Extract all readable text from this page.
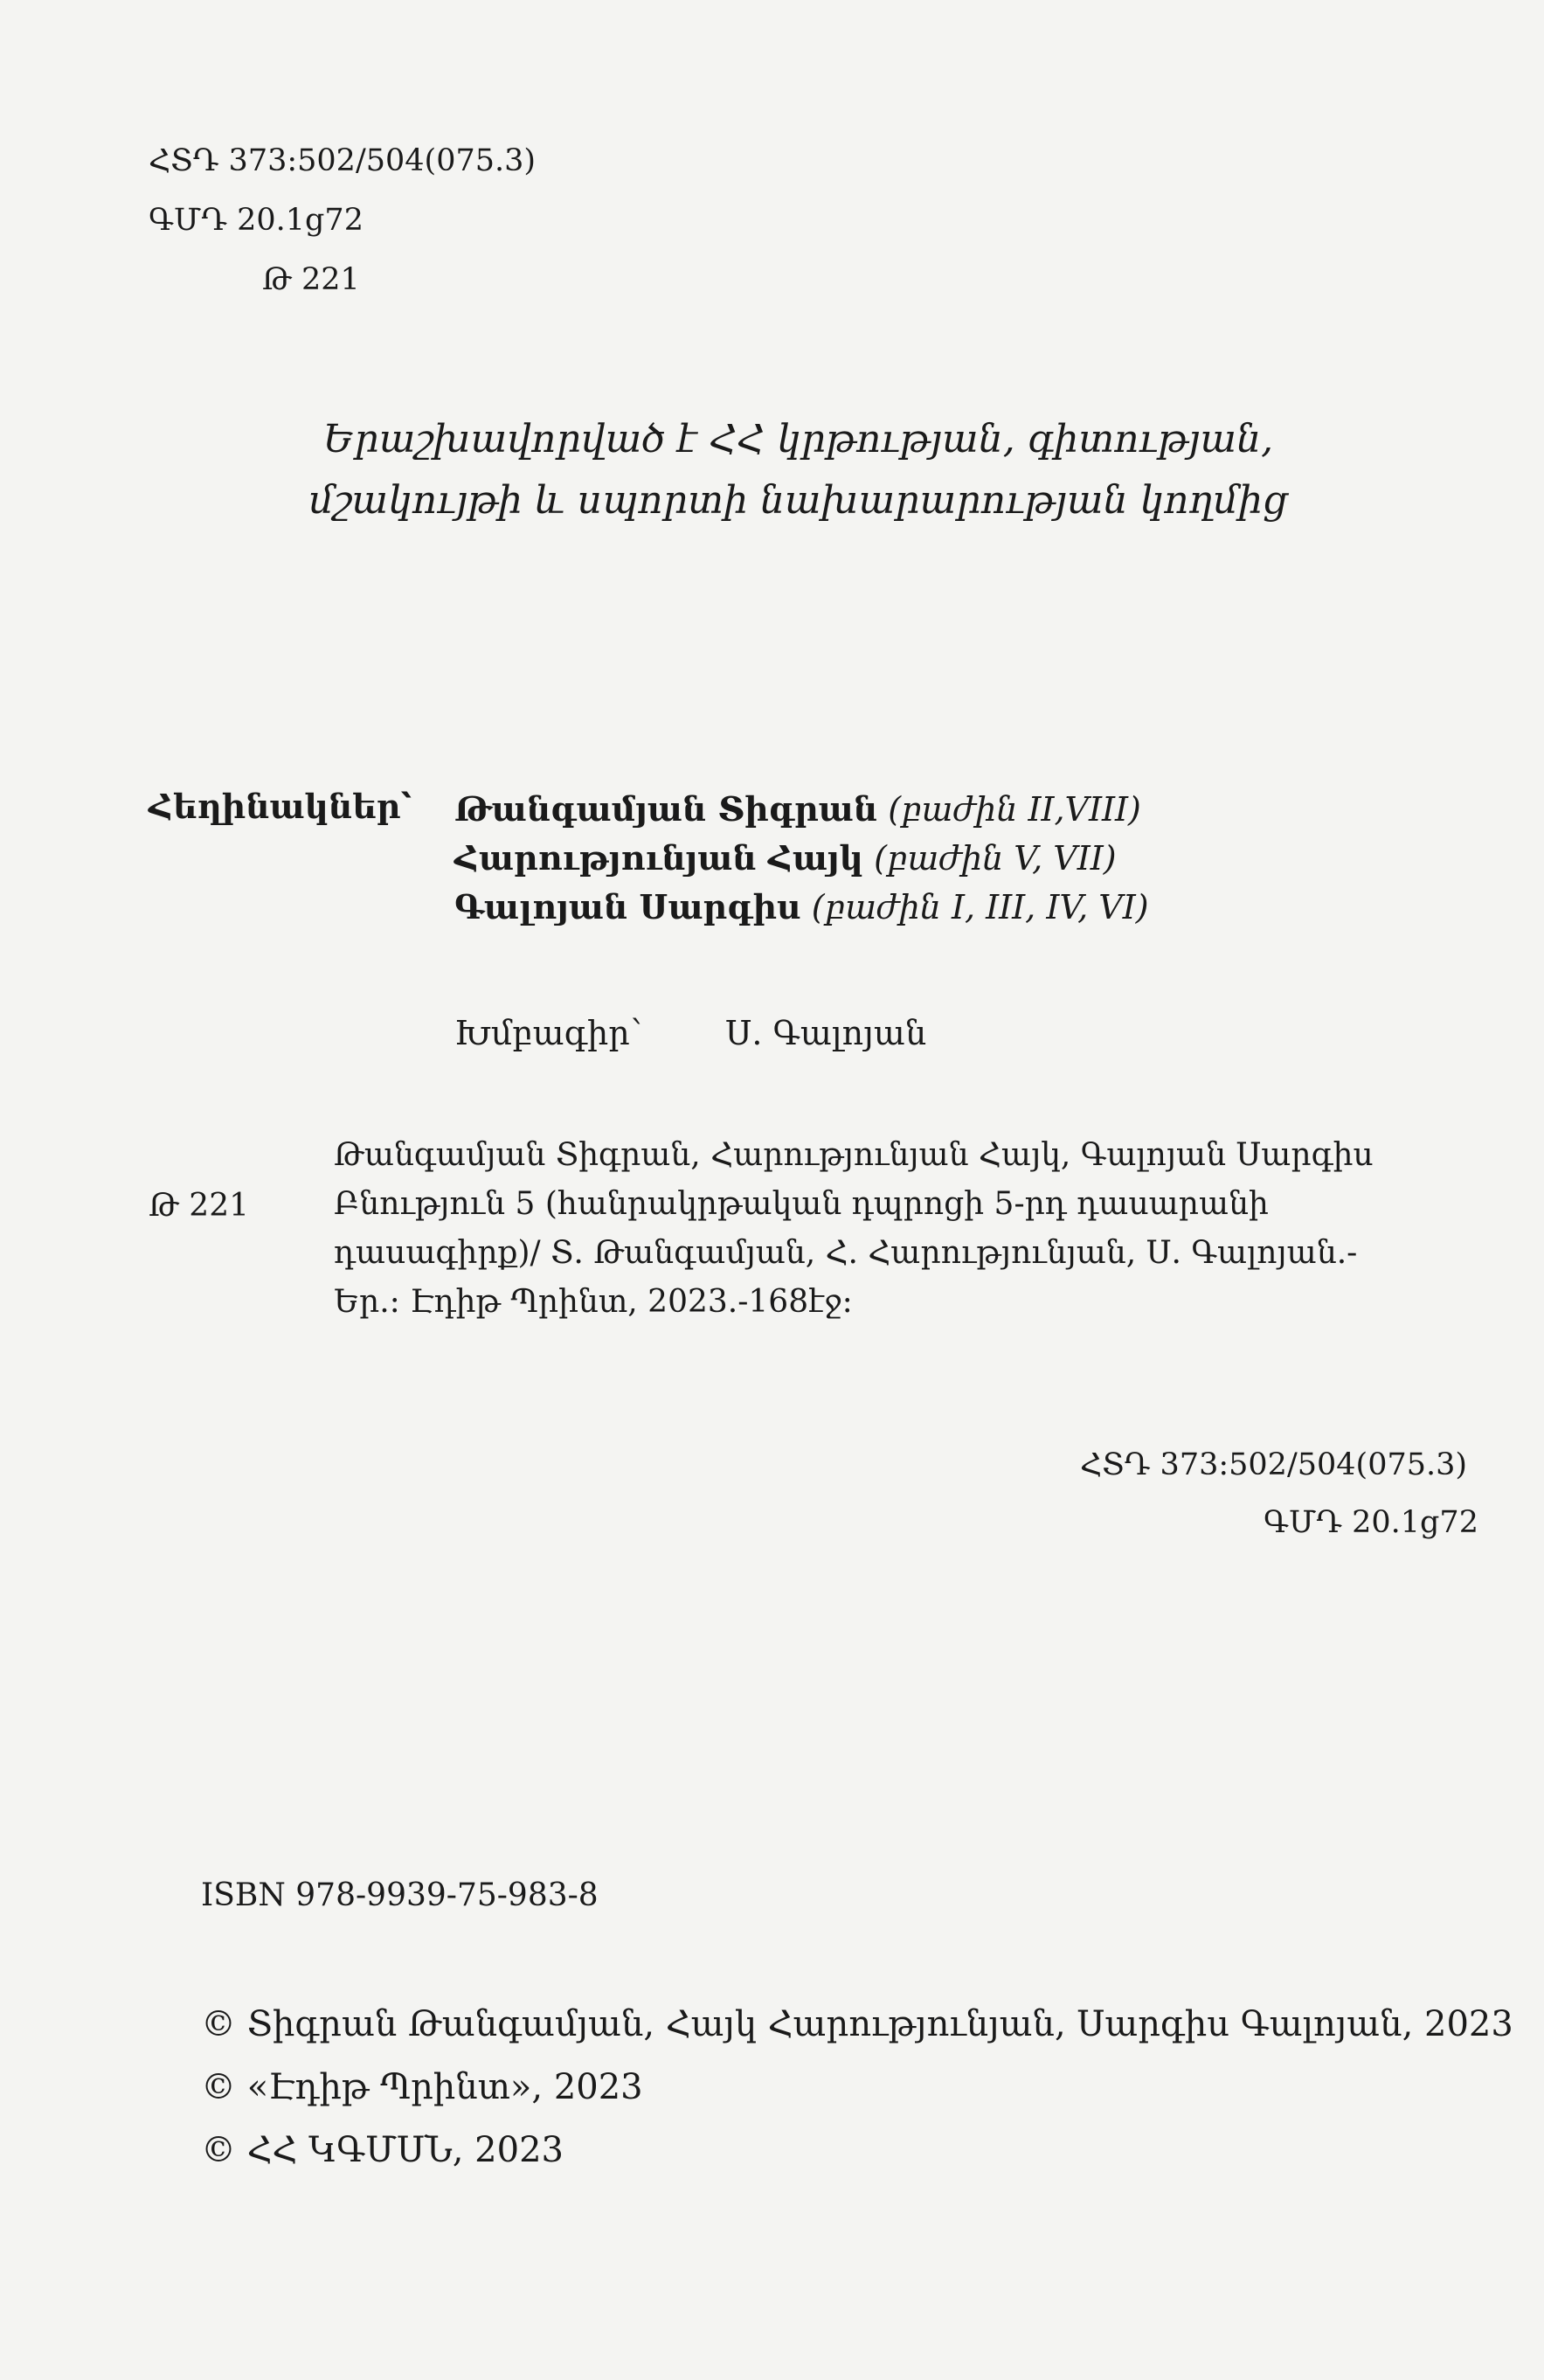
ՀՏԴ 373:502/504(075.3)
ԳՄԴ 20.1g72
Թ 221
Երաշխավորված է ՀՀ կրթության, գիտության,
մշակույթի և սպորտի նախարարության կողմից
Հեղինակներ՝ Թանգամյան Տիգրան (բաժին II,VIII)
Հարությունյան Հայկ (բաժին V, VII)
Գալոյան Սարգիս (բաժին I, III, IV, VI)
Խմբագիր՝	Ս. Գալոյան
Թ 221
Թանգամյան Տիգրան, Հարությունյան Հայկ, Գալոյան Սարգիս Բնություն 5 (հանրակրթական դպրոցի 5-րդ դասարանի դասագիրք)/ Տ. Թանգամյան, Հ. Հարությունյան, Ս. Գալոյան.- Եր.: Էդիթ Պրինտ, 2023.-168էջ:
ՀՏԴ 373:502/504(075.3)
ԳՄԴ 20.1g72
ISBN 978-9939-75-983-8
© Տիգրան Թանգամյան, Հայկ Հարությունյան, Սարգիս Գալոյան, 2023
© «Էդիթ Պրինտ», 2023
© ՀՀ ԿԳՄՍՆ, 2023
